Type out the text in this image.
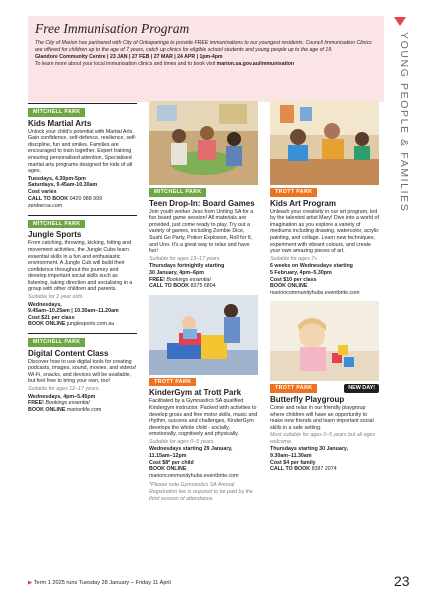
Free Immunisation Program

The City of Marion has partnered with City of Onkaparinga to provide FREE immunisations to our youngest residents. Council Immunisation Clinics are offered for children up to the age of 7 years, catch up clinics for eligible school students and young people up to the age of 19.

Glandore Community Centre | 23 JAN | 27 FEB | 27 MAR | 24 APR | 1pm-4pm

To learn more about your local immunisation clinics and times and to book visit marion.sa.gov.au/immunisation	YOUNG PEOPLE & FAMILIES
MITCHELL PARK
Kids Martial Arts
Unlock your child's potential with Martial Arts. Gain confidence, self-defence, resilience, self-discipline, fun and smiles. Families are encouraged to train together. Expert training ensuring personalised attention. Specialised martial arts programs designed for kids of all ages.
Tuesdays, 4.30pm-5pm
Saturdays, 9.45am-10.30am
Cost varies
CALL TO BOOK 0420 988 999
zenbecsa.com
MITCHELL PARK
Jungle Sports
From catching, throwing, kicking, hitting and movement activities, the Jungle Cubs learn essential skills in a fun and enthusiastic environment. A Jungle Cub will build their confidence throughout the journey and develop important social skills such as listening, taking direction and socialising in a group with other children and parents.
Suitable for 2 year olds.
Wednesdays,
9.45am–10.25am | 10.30am–11.20am
Cost $21 per class
BOOK ONLINE junglesports.com.au
MITCHELL PARK
Digital Content Class
Discover how to use digital tools for creating podcasts, images, sound, movies, and videos! Wi-Fi, snacks, and devices will be available, but feel free to bring your own, too!
Suitable for ages 12–17 years.
Wednesdays, 4pm–5.45pm
FREE! Bookings essential
BOOK ONLINE marionlife.com
MITCHELL PARK
Teen Drop-In: Board Games
Join youth worker Jess from Uniting SA for a fun board game session! All materials are provided, just come ready to play. Try out a variety of games, including Zombie Dice, Sushi Go Party, Potion Explosion, Roll for It, and Uno. It's a great way to relax and have fun!
Suitable for ages 13–17 years.
Thursdays fortnightly starting
30 January, 4pm–6pm
FREE! Bookings essential
CALL TO BOOK 8375 6804
TROTT PARK
KinderGym at Trott Park
Facilitated by a Gymnastics SA qualified Kindergym instructor. Packed with activities to develop gross and fine motor skills, music and rhythm, success and challenges, KinderGym develops the whole child - socially, emotionally, cognitively and physically.
Suitable for ages 0–5 years.
Wednesdays starting 29 January,
11.15am–12pm
Cost $8* per child
BOOK ONLINE
marioncommunityhubs.eventbrite.com
*Please note Gymnastics SA Annual Registration fee is required to be paid by the third session of attendance.
TROTT PARK
Kids Art Program
Unleash your creativity in our art program, led by the talented artist Mary! Dive into a world of imagination as you explore a variety of mediums including drawing, watercolor, acrylic painting, and collage. Learn new techniques, experiment with vibrant colours, and create your own amazing pieces of art.
Suitable for ages 7+.
6 weeks on Wednesdays starting
5 February, 4pm–5.30pm
Cost $10 per class
BOOK ONLINE
marioncommunityhubs.eventbrite.com
TROTT PARK	NEW DAY!
Butterfly Playgroup
Come and relax in our friendly playgroup where children will have an opportunity to make new friends and learn important social skills in a safe setting.
Most suitable for ages 0–5 years but all ages welcome.
Thursdays starting 30 January,
9.30am–11.30am
Cost $4 per family
CALL TO BOOK 8387 2074
▶ Term 1 2025 runs Tuesday 28 January – Friday 11 April	23
